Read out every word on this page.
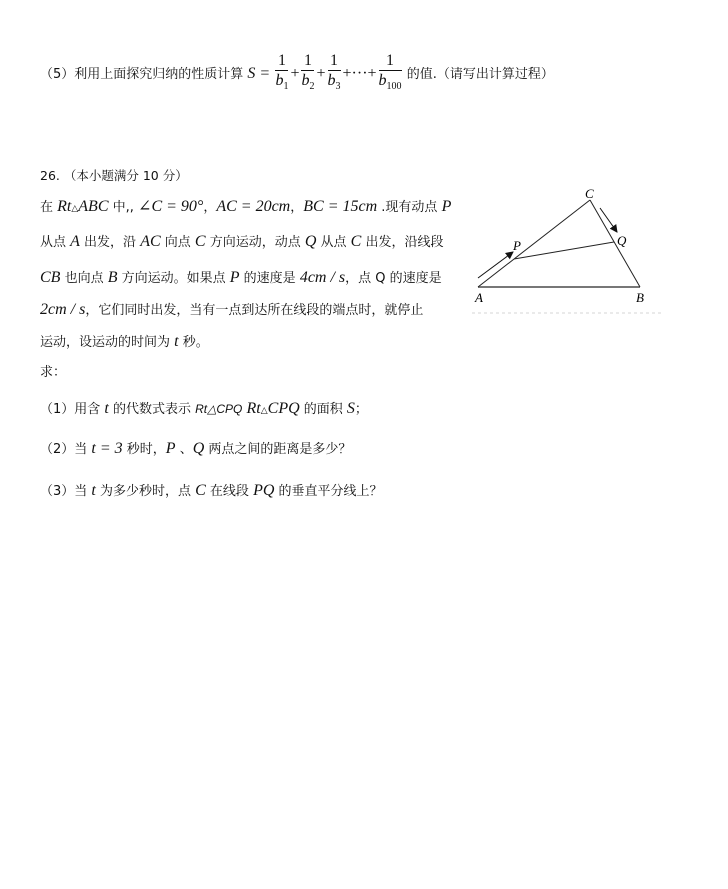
（5）利用上面探究归纳的性质计算 $S = \frac{1}{b_1} + \frac{1}{b_2} + \frac{1}{b_3}$ +···+ $\frac{1}{b_{100}}$ 的值.（请写出计算过程）
26. （本小题满分 10 分）
在 Rt△ABC 中,, ∠C = 90°，AC = 20cm，BC = 15cm .现有动点 P
从点 A 出发，沿 AC 向点 C 方向运动，动点 Q 从点 C 出发，沿线段
CB 也向点 B 方向运动。如果点 P 的速度是 4cm / s，点 Q 的速度是
2cm / s，它们同时出发，当有一点到达所在线段的端点时，就停止
运动，设运动的时间为 t 秒。
求：
（1）用含 t 的代数式表示 Rt△CPQ Rt△CPQ 的面积 S；
（2）当 t = 3 秒时，P 、Q 两点之间的距离是多少？
（3）当 t 为多少秒时，点 C 在线段 PQ 的垂直平分线上？
C
P	Q
A	B
